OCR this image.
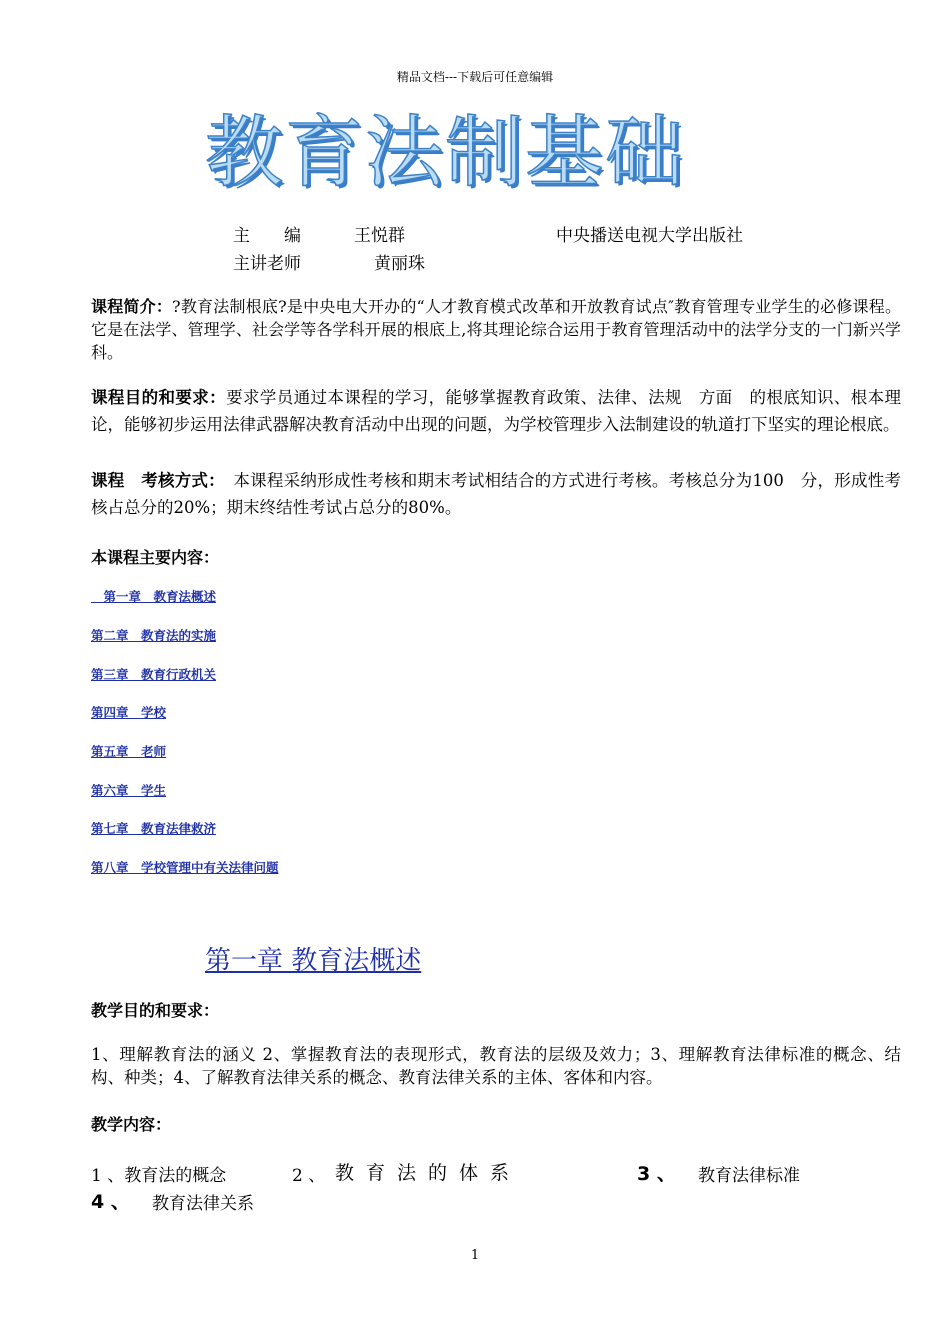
精品文档---下载后可任意编辑
教育法制基础
主　　编	王悦群	中央播送电视大学出版社
主讲老师	黄丽珠
课程简介：?教育法制根底?是中央电大开办的“人才教育模式改革和开放教育试点″教育管理专业学生的必修课程。它是在法学、管理学、社会学等各学科开展的根底上,将其理论综合运用于教育管理活动中的法学分支的一门新兴学科。
课程目的和要求：要求学员通过本课程的学习，能够掌握教育政策、法律、法规　方面　的根底知识、根本理论，能够初步运用法律武器解决教育活动中出现的问题，为学校管理步入法制建设的轨道打下坚实的理论根底。
课程　考核方式：　本课程采纳形成性考核和期末考试相结合的方式进行考核。考核总分为100　分，形成性考核占总分的20%；期末终结性考试占总分的80%。
本课程主要内容：
　第一章　教育法概述
第二章　教育法的实施
第三章　教育行政机关
第四章　学校
第五章　老师
第六章　学生
第七章　教育法律救济
第八章　学校管理中有关法律问题
第一章 教育法概述
教学目的和要求：
1、理解教育法的涵义 2、掌握教育法的表现形式，教育法的层级及效力；3、理解教育法律标准的概念、结构、种类；4、了解教育法律关系的概念、教育法律关系的主体、客体和内容。
教学内容：
1 、教育法的概念	2 、 教育法的体系	3 、 教育法律标准
4 、 教育法律关系
1
